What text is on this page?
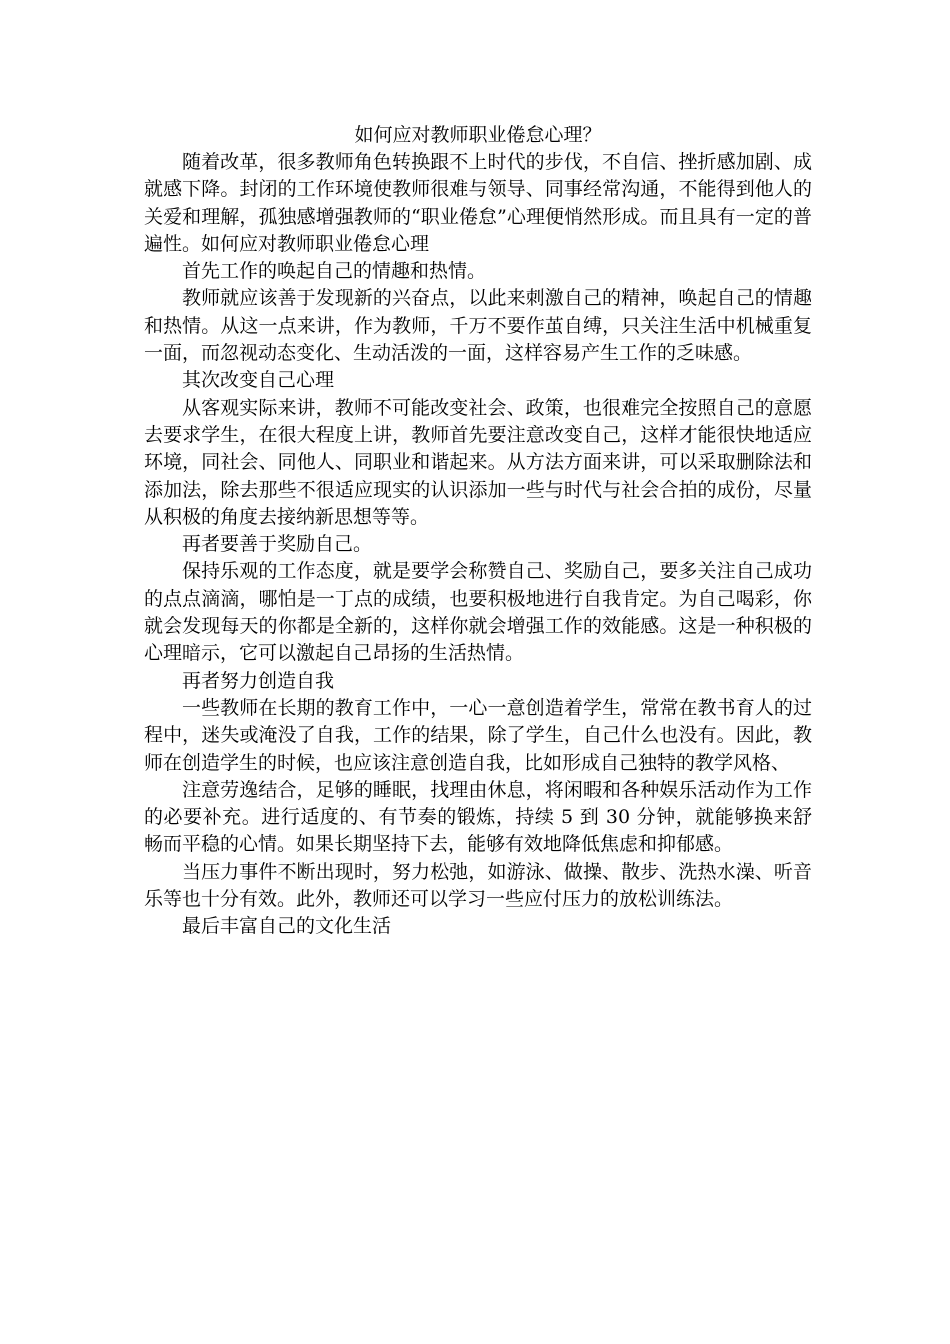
如何应对教师职业倦怠心理？

随着改革，很多教师角色转换跟不上时代的步伐，不自信、挫折感加剧、成就感下降。封闭的工作环境使教师很难与领导、同事经常沟通，不能得到他人的关爱和理解，孤独感增强教师的“职业倦怠”心理便悄然形成。而且具有一定的普遍性。如何应对教师职业倦怠心理

首先工作的唤起自己的情趣和热情。

教师就应该善于发现新的兴奋点，以此来刺激自己的精神，唤起自己的情趣和热情。从这一点来讲，作为教师，千万不要作茧自缚，只关注生活中机械重复一面，而忽视动态变化、生动活泼的一面，这样容易产生工作的乏味感。

其次改变自己心理

从客观实际来讲，教师不可能改变社会、政策，也很难完全按照自己的意愿去要求学生，在很大程度上讲，教师首先要注意改变自己，这样才能很快地适应环境，同社会、同他人、同职业和谐起来。从方法方面来讲，可以采取删除法和添加法，除去那些不很适应现实的认识添加一些与时代与社会合拍的成份，尽量从积极的角度去接纳新思想等等。

再者要善于奖励自己。

保持乐观的工作态度，就是要学会称赞自己、奖励自己，要多关注自己成功的点点滴滴，哪怕是一丁点的成绩，也要积极地进行自我肯定。为自己喝彩，你就会发现每天的你都是全新的，这样你就会增强工作的效能感。这是一种积极的心理暗示，它可以激起自己昂扬的生活热情。

再者努力创造自我

一些教师在长期的教育工作中，一心一意创造着学生，常常在教书育人的过程中，迷失或淹没了自我，工作的结果，除了学生，自己什么也没有。因此，教师在创造学生的时候，也应该注意创造自我，比如形成自己独特的教学风格、

注意劳逸结合，足够的睡眠，找理由休息，将闲暇和各种娱乐活动作为工作的必要补充。进行适度的、有节奏的锻炼，持续 5 到 30 分钟，就能够换来舒畅而平稳的心情。如果长期坚持下去，能够有效地降低焦虑和抑郁感。

当压力事件不断出现时，努力松弛，如游泳、做操、散步、洗热水澡、听音乐等也十分有效。此外，教师还可以学习一些应付压力的放松训练法。

最后丰富自己的文化生活
